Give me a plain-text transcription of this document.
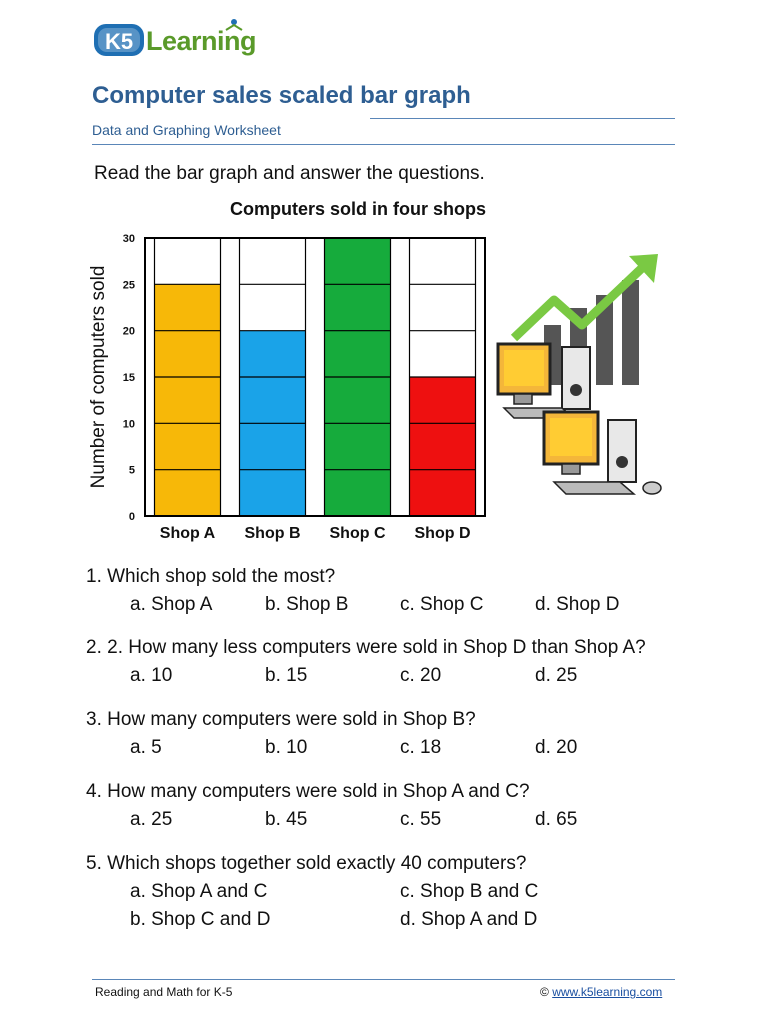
K5 Learning
Computer sales scaled bar graph
Data and Graphing Worksheet
Read the bar graph and answer the questions.
Computers sold in four shops
0
5
10
15
20
25
30
Shop A Shop B Shop C Shop D
Number of computers sold
1. Which shop sold the most?
a. Shop A	b. Shop B	c. Shop C	d. Shop D
2. 2. How many less computers were sold in Shop D than Shop A?
a. 10	b. 15	c. 20	d. 25
3. How many computers were sold in Shop B?
a. 5	b. 10	c. 18	d. 20
4. How many computers were sold in Shop A and C?
a. 25	b. 45	c. 55	d. 65
5. Which shops together sold exactly 40 computers?
a. Shop A and C	c. Shop B and C
b. Shop C and D	d. Shop A and D
Reading and Math for K-5	© www.k5learning.com
